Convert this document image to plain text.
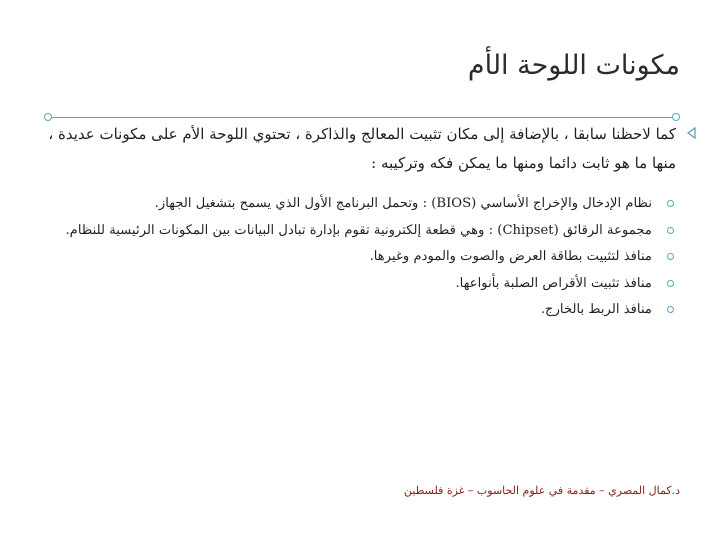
مكونات اللوحة الأم
كما لاحظنا سابقا ، بالإضافة إلى مكان تثبيت المعالج والذاكرة ، تحتوي اللوحة الأم على مكونات عديدة ، منها ما هو ثابت دائما ومنها ما يمكن فكه وتركيبه :
نظام الإدخال والإخراج الأساسي (BIOS) : وتحمل البرنامج الأول الذي يسمح بتشغيل الجهاز.
مجموعة الرقائق (Chipset) : وهي قطعة إلكترونية تقوم بإدارة تبادل البيانات بين المكونات الرئيسية للنظام.
منافذ لتثبيت بطاقة العرض والصوت والمودم وغيرها.
منافذ تثبيت الأقراص الصلبة بأنواعها.
منافذ الربط بالخارج.
د.كمال المصري – مقدمة في علوم الحاسوب – غزة فلسطين
